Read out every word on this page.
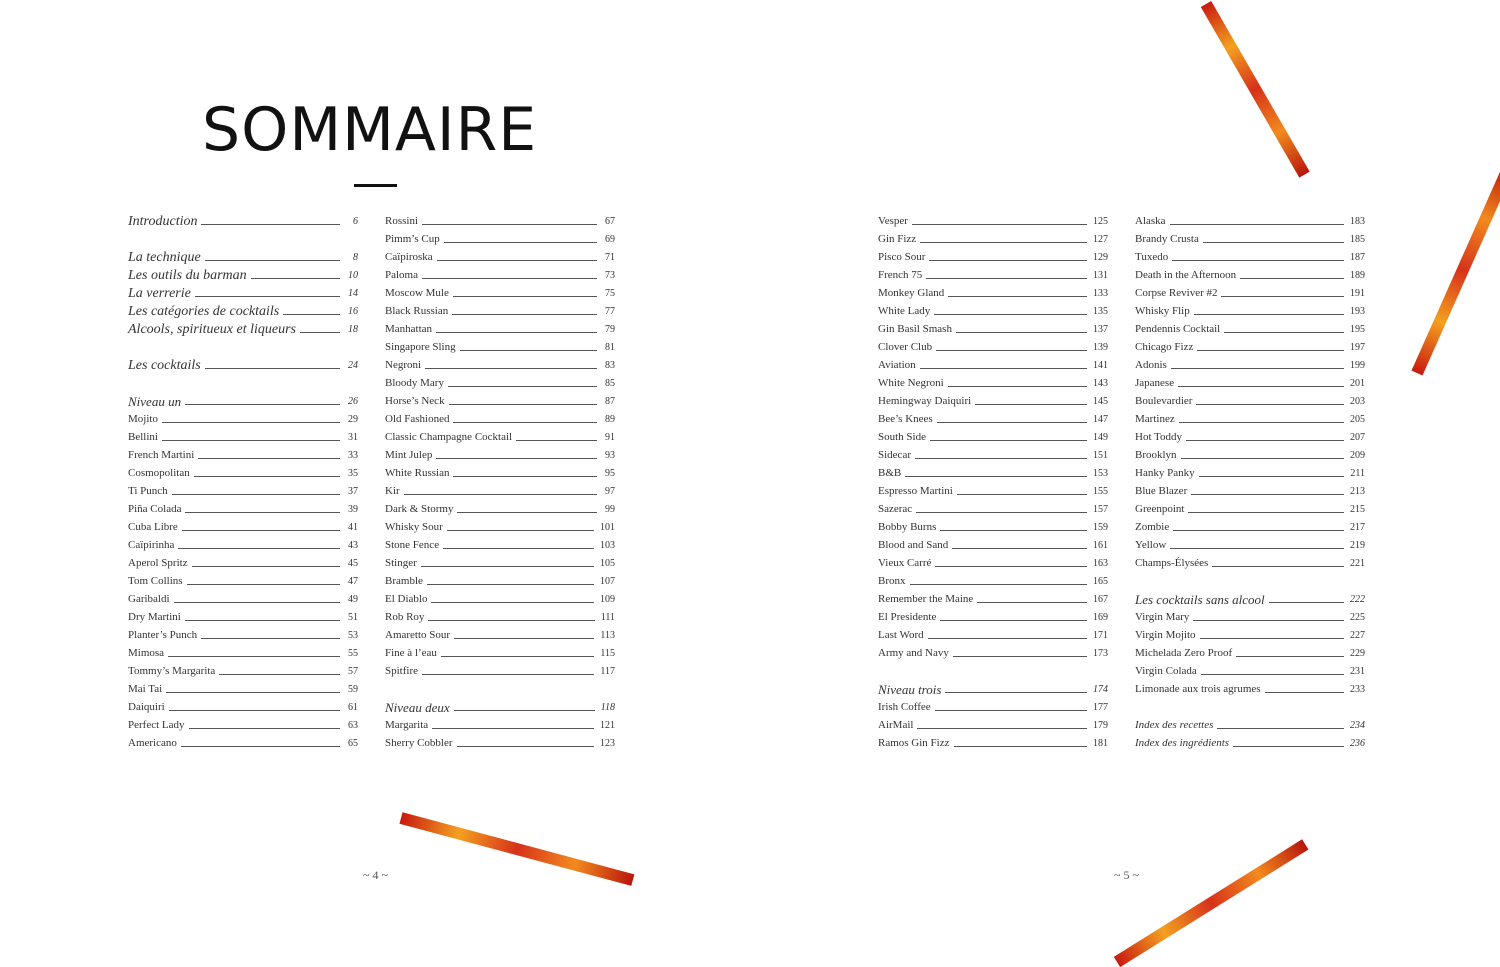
SOMMAIRE
Introduction	6
La technique	8
Les outils du barman	10
La verrerie	14
Les catégories de cocktails	16
Alcools, spiritueux et liqueurs	18
Les cocktails	24
Niveau un	26
Mojito	29
Bellini	31
French Martini	33
Cosmopolitan	35
Ti Punch	37
Piña Colada	39
Cuba Libre	41
Caïpirinha	43
Aperol Spritz	45
Tom Collins	47
Garibaldi	49
Dry Martini	51
Planter’s Punch	53
Mimosa	55
Tommy’s Margarita	57
Mai Tai	59
Daiquiri	61
Perfect Lady	63
Americano	65
Rossini	67
Pimm’s Cup	69
Caïpiroska	71
Paloma	73
Moscow Mule	75
Black Russian	77
Manhattan	79
Singapore Sling	81
Negroni	83
Bloody Mary	85
Horse’s Neck	87
Old Fashioned	89
Classic Champagne Cocktail	91
Mint Julep	93
White Russian	95
Kir	97
Dark & Stormy	99
Whisky Sour	101
Stone Fence	103
Stinger	105
Bramble	107
El Diablo	109
Rob Roy	111
Amaretto Sour	113
Fine à l’eau	115
Spitfire	117
Niveau deux	118
Margarita	121
Sherry Cobbler	123
Vesper	125
Gin Fizz	127
Pisco Sour	129
French 75	131
Monkey Gland	133
White Lady	135
Gin Basil Smash	137
Clover Club	139
Aviation	141
White Negroni	143
Hemingway Daiquiri	145
Bee’s Knees	147
South Side	149
Sidecar	151
B&B	153
Espresso Martini	155
Sazerac	157
Bobby Burns	159
Blood and Sand	161
Vieux Carré	163
Bronx	165
Remember the Maine	167
El Presidente	169
Last Word	171
Army and Navy	173
Niveau trois	174
Irish Coffee	177
AirMail	179
Ramos Gin Fizz	181
Alaska	183
Brandy Crusta	185
Tuxedo	187
Death in the Afternoon	189
Corpse Reviver #2	191
Whisky Flip	193
Pendennis Cocktail	195
Chicago Fizz	197
Adonis	199
Japanese	201
Boulevardier	203
Martinez	205
Hot Toddy	207
Brooklyn	209
Hanky Panky	211
Blue Blazer	213
Greenpoint	215
Zombie	217
Yellow	219
Champs-Élysées	221
Les cocktails sans alcool	222
Virgin Mary	225
Virgin Mojito	227
Michelada Zero Proof	229
Virgin Colada	231
Limonade aux trois agrumes	233
Index des recettes	234
Index des ingrédients	236
~ 4 ~	~ 5 ~
